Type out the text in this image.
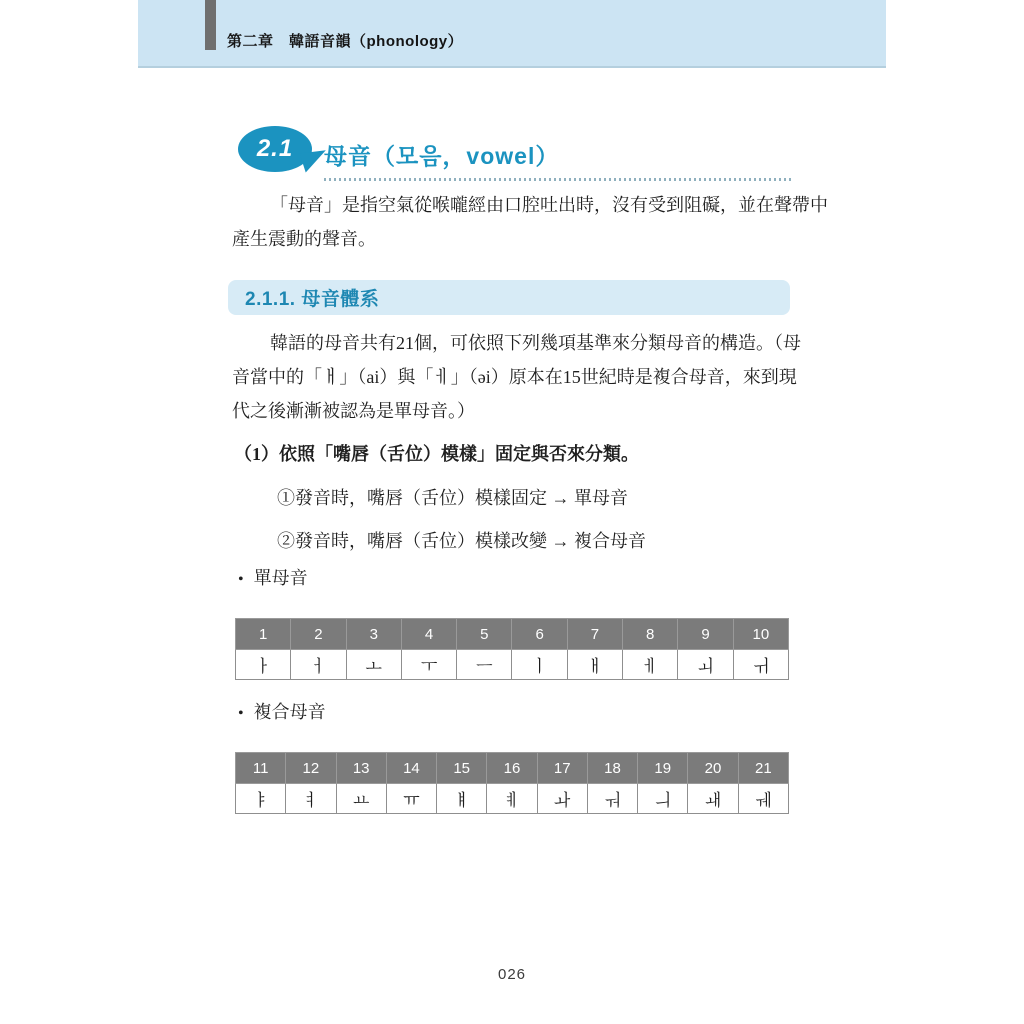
第二章　韓語音韻（phonology）
2.1 母音（모음，vowel）
「母音」是指空氣從喉嚨經由口腔吐出時，沒有受到阻礙，並在聲帶中
產生震動的聲音。
2.1.1. 母音體系
韓語的母音共有21個，可依照下列幾項基準來分類母音的構造。（母
音當中的「ㅐ」（ai）與「ㅔ」（əi）原本在15世紀時是複合母音，來到現
代之後漸漸被認為是單母音。）
（1）依照「嘴唇（舌位）模樣」固定與否來分類。
①發音時，嘴唇（舌位）模樣固定 → 單母音
②發音時，嘴唇（舌位）模樣改變 → 複合母音
• 單母音
1	2	3	4	5	6	7	8	9	10
ㅏ	ㅓ	ㅗ	ㅜ	ㅡ	ㅣ	ㅐ	ㅔ	ㅚ	ㅟ
• 複合母音
11	12	13	14	15	16	17	18	19	20	21
ㅑ	ㅕ	ㅛ	ㅠ	ㅒ	ㅖ	ㅘ	ㅝ	ㅢ	ㅙ	ㅞ
026
